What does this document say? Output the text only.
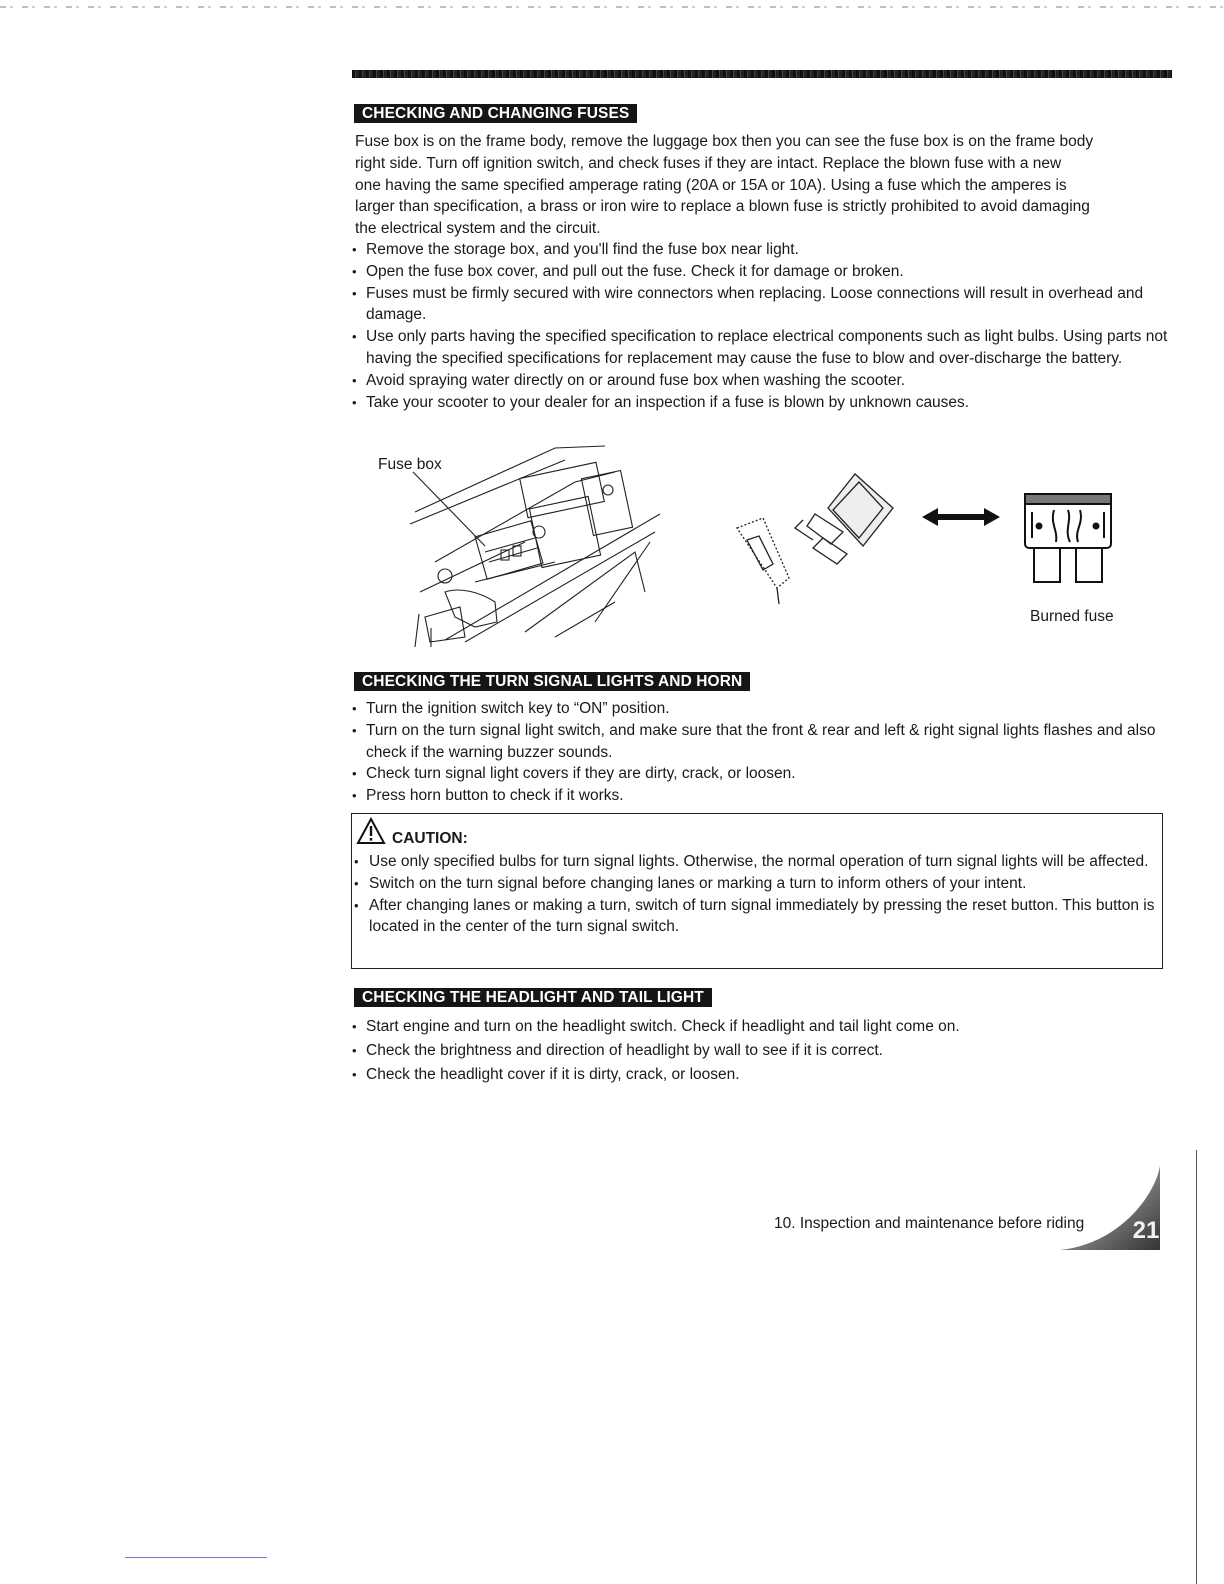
CHECKING AND CHANGING FUSES
Fuse box is on the frame body, remove the luggage box then you can see the fuse box is on the frame body
right side. Turn off ignition switch, and check fuses if they are intact. Replace the blown fuse with a new
one having the same specified amperage rating (20A or 15A or 10A). Using a fuse which the amperes is
larger than specification, a brass or iron wire to replace a blown fuse is strictly prohibited to avoid damaging
the electrical system and the circuit.
• Remove the storage box, and you'll find the fuse box near light.
• Open the fuse box cover, and pull out the fuse. Check it for damage or broken.
• Fuses must be firmly secured with wire connectors when replacing. Loose connections will result in overhead and damage.
• Use only parts having the specified specification to replace electrical components such as light bulbs. Using parts not having the specified specifications for replacement may cause the fuse to blow and over-discharge the battery.
• Avoid spraying water directly on or around fuse box when washing the scooter.
• Take your scooter to your dealer for an inspection if a fuse is blown by unknown causes.
Fuse box
Burned fuse
CHECKING THE TURN SIGNAL LIGHTS AND HORN
• Turn the ignition switch key to “ON” position.
• Turn on the turn signal light switch, and make sure that the front & rear and left & right signal lights flashes and also check if the warning buzzer sounds.
• Check turn signal light covers if they are dirty, crack, or loosen.
• Press horn button to check if it works.
CAUTION:
• Use only specified bulbs for turn signal lights. Otherwise, the normal operation of turn signal lights will be affected.
• Switch on the turn signal before changing lanes or marking a turn to inform others of your intent.
• After changing lanes or making a turn, switch of turn signal immediately by pressing the reset button. This button is located in the center of the turn signal switch.
CHECKING THE HEADLIGHT AND TAIL LIGHT
• Start engine and turn on the headlight switch. Check if headlight and tail light come on.
• Check the brightness and direction of headlight by wall to see if it is correct.
• Check the headlight cover if it is dirty, crack, or loosen.
10. Inspection and maintenance before riding 21
